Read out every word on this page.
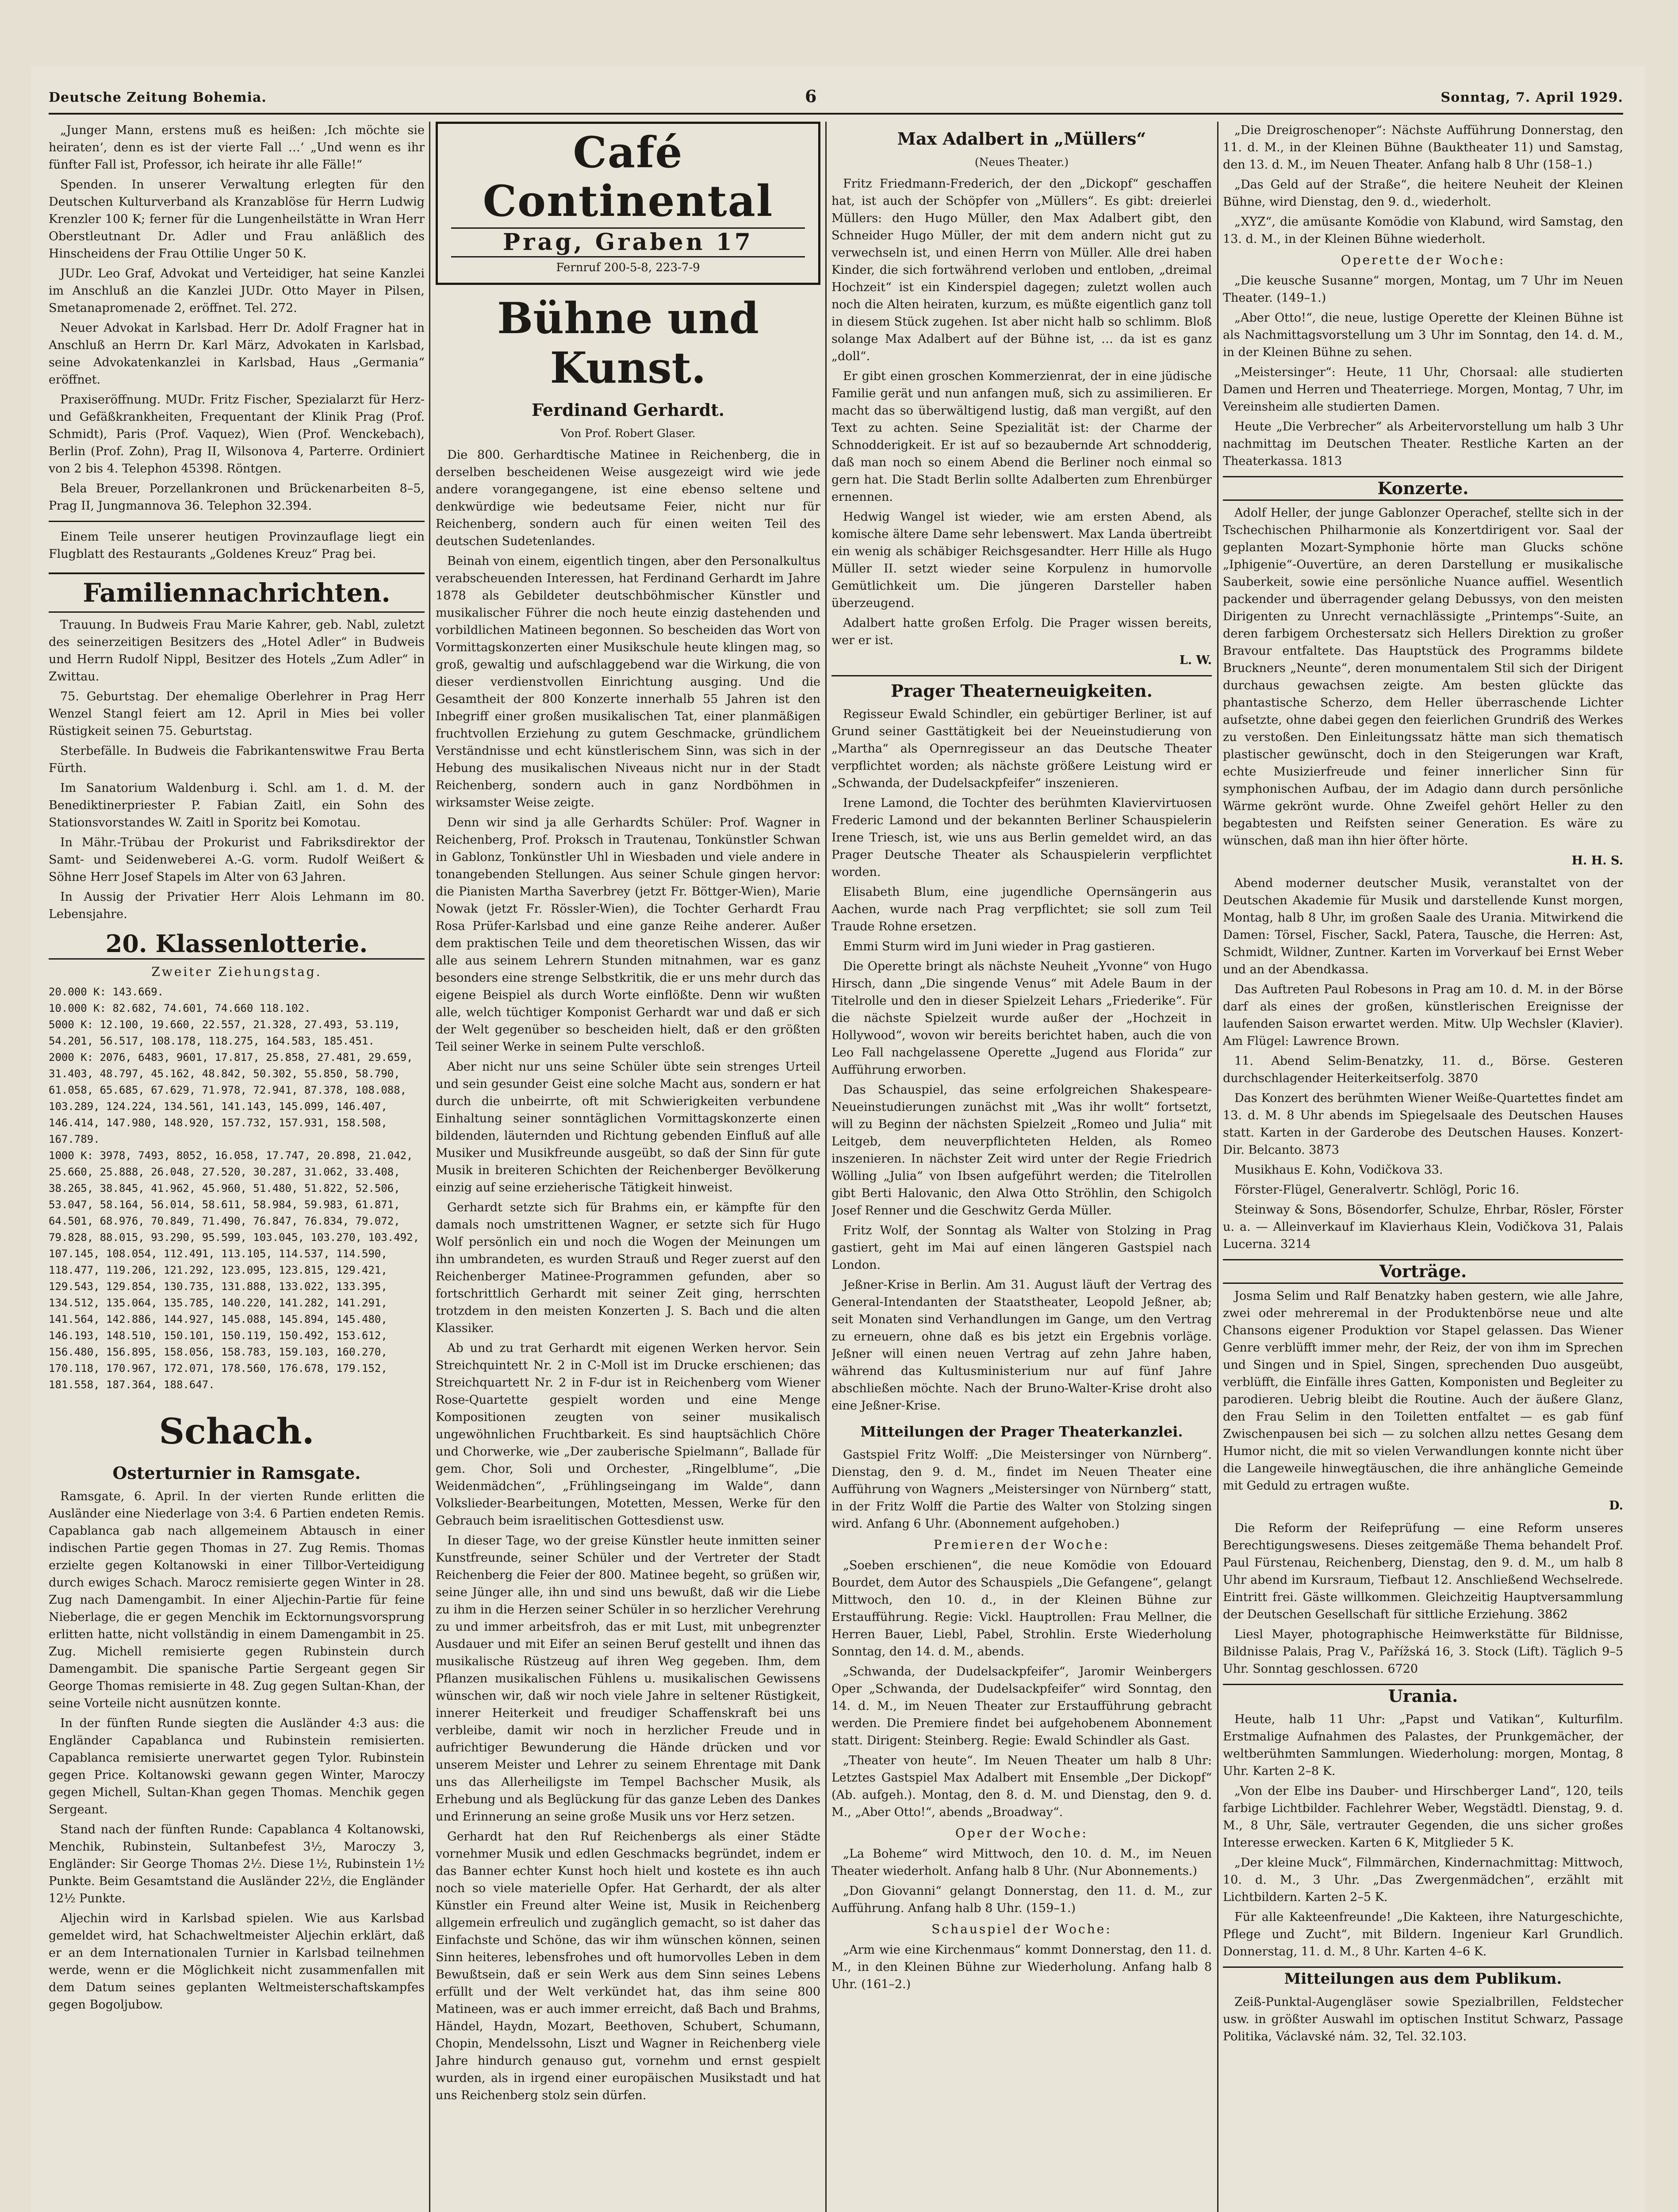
Deutsche Zeitung Bohemia.	6	Sonntag, 7. April 1929.

„Junger Mann, erstens muß es heißen: ‚Ich möchte sie heiraten‘, denn es ist der vierte Fall …‘ „Und wenn es ihr fünfter Fall ist, Professor, ich heirate ihr alle Fälle!“

Spenden. In unserer Verwaltung erlegten für den Deutschen Kulturverband als Kranzablöse für Herrn Ludwig Krenzler 100 K; ferner für die Lungenheilstätte in Wran Herr Oberstleutnant Dr. Adler und Frau anläßlich des Hinscheidens der Frau Ottilie Unger 50 K.

JUDr. Leo Graf, Advokat und Verteidiger, hat seine Kanzlei im Anschluß an die Kanzlei JUDr. Otto Mayer in Pilsen, Smetanapromenade 2, eröffnet. Tel. 272.

Neuer Advokat in Karlsbad. Herr Dr. Adolf Fragner hat in Anschluß an Herrn Dr. Karl März, Advokaten in Karlsbad, seine Advokatenkanzlei in Karlsbad, Haus „Germania“ eröffnet.

Praxiseröffnung. MUDr. Fritz Fischer, Spezialarzt für Herz- und Gefäßkrankheiten, Frequentant der Klinik Prag (Prof. Schmidt), Paris (Prof. Vaquez), Wien (Prof. Wenckebach), Berlin (Prof. Zohn), Prag II, Wilsonova 4, Parterre. Ordiniert von 2 bis 4. Telephon 45398. Röntgen.

Bela Breuer, Porzellankronen und Brückenarbeiten 8–5, Prag II, Jungmannova 36. Telephon 32.394.

Einem Teile unserer heutigen Provinzauflage liegt ein Flugblatt des Restaurants „Goldenes Kreuz“ Prag bei.

Familiennachrichten.

Trauung. In Budweis Frau Marie Kahrer, geb. Nabl, zuletzt des seinerzeitigen Besitzers des „Hotel Adler“ in Budweis und Herrn Rudolf Nippl, Besitzer des Hotels „Zum Adler“ in Zwittau.

75. Geburtstag. Der ehemalige Oberlehrer in Prag Herr Wenzel Stangl feiert am 12. April in Mies bei voller Rüstigkeit seinen 75. Geburtstag.

Sterbefälle. In Budweis die Fabrikantenswitwe Frau Berta Fürth.

Im Sanatorium Waldenburg i. Schl. am 1. d. M. der Benediktinerpriester P. Fabian Zaitl, ein Sohn des Stationsvorstandes W. Zaitl in Sporitz bei Komotau.

In Mähr.-Trübau der Prokurist und Fabriksdirektor der Samt- und Seidenweberei A.-G. vorm. Rudolf Weißert & Söhne Herr Josef Stapels im Alter von 63 Jahren.

In Aussig der Privatier Herr Alois Lehmann im 80. Lebensjahre.

20. Klassenlotterie.
Zweiter Ziehungstag.
20.000 K: 143.669.
10.000 K: 82.682, 74.601, 74.660 118.102.
5000 K: 12.100, 19.660, 22.557, 21.328, 27.493, 53.119, 54.201, 56.517, 108.178, 118.275, 164.583, 185.451.
2000 K: 2076, 6483, 9601, 17.817, 25.858, 27.481, 29.659, 31.403, 48.797, 45.162, 48.842, 50.302, 55.850, 58.790, 61.058, 65.685, 67.629, 71.978, 72.941, 87.378, 108.088, 103.289, 124.224, 134.561, 141.143, 145.099, 146.407, 146.414, 147.980, 148.920, 157.732, 157.931, 158.508, 167.789.
1000 K: 3978, 7493, 8052, 16.058, 17.747, 20.898, 21.042, 25.660, 25.888, 26.048, 27.520, 30.287, 31.062, 33.408, 38.265, 38.845, 41.962, 45.960, 51.480, 51.822, 52.506, 53.047, 58.164, 56.014, 58.611, 58.984, 59.983, 61.871, 64.501, 68.976, 70.849, 71.490, 76.847, 76.834, 79.072, 79.828, 88.015, 93.290, 95.599, 103.045, 103.270, 103.492, 107.145, 108.054, 112.491, 113.105, 114.537, 114.590, 118.477, 119.206, 121.292, 123.095, 123.815, 129.421, 129.543, 129.854, 130.735, 131.888, 133.022, 133.395, 134.512, 135.064, 135.785, 140.220, 141.282, 141.291, 141.564, 142.886, 144.927, 145.088, 145.894, 145.480, 146.193, 148.510, 150.101, 150.119, 150.492, 153.612, 156.480, 156.895, 158.056, 158.783, 159.103, 160.270, 170.118, 170.967, 172.071, 178.560, 176.678, 179.152, 181.558, 187.364, 188.647.
Schach.
Osterturnier in Ramsgate.

Ramsgate, 6. April. In der vierten Runde erlitten die Ausländer eine Niederlage von 3:4. 6 Partien endeten Remis. Capablanca gab nach allgemeinem Abtausch in einer indischen Partie gegen Thomas in 27. Zug Remis. Thomas erzielte gegen Koltanowski in einer Tillbor-Verteidigung durch ewiges Schach. Marocz remisierte gegen Winter in 28. Zug nach Damengambit. In einer Aljechin-Partie für feine Nieberlage, die er gegen Menchik im Ecktornungsvorsprung erlitten hatte, nicht vollständig in einem Damengambit in 25. Zug. Michell remisierte gegen Rubinstein durch Damengambit. Die spanische Partie Sergeant gegen Sir George Thomas remisierte in 48. Zug gegen Sultan-Khan, der seine Vorteile nicht ausnützen konnte.

In der fünften Runde siegten die Ausländer 4:3 aus: die Engländer Capablanca und Rubinstein remisierten. Capablanca remisierte unerwartet gegen Tylor. Rubinstein gegen Price. Koltanowski gewann gegen Winter, Maroczy gegen Michell, Sultan-Khan gegen Thomas. Menchik gegen Sergeant.

Stand nach der fünften Runde: Capablanca 4 Koltanowski, Menchik, Rubinstein, Sultanbefest 3½, Maroczy 3, Engländer: Sir George Thomas 2½. Diese 1½, Rubinstein 1½ Punkte. Beim Gesamtstand die Ausländer 22½, die Engländer 12½ Punkte.

Aljechin wird in Karlsbad spielen. Wie aus Karlsbad gemeldet wird, hat Schachweltmeister Aljechin erklärt, daß er an dem Internationalen Turnier in Karlsbad teilnehmen werde, wenn er die Möglichkeit nicht zusammenfallen mit dem Datum seines geplanten Weltmeisterschaftskampfes gegen Bogoljubow.

Café Continental
Prag, Graben 17
Fernruf 200-5-8, 223-7-9
Bühne und Kunst.
Ferdinand Gerhardt.
Von Prof. Robert Glaser.

Die 800. Gerhardtische Matinee in Reichenberg, die in derselben bescheidenen Weise ausgezeigt wird wie jede andere vorangegangene, ist eine ebenso seltene und denkwürdige wie bedeutsame Feier, nicht nur für Reichenberg, sondern auch für einen weiten Teil des deutschen Sudetenlandes.

Beinah von einem, eigentlich tingen, aber den Personalkultus verabscheuenden Interessen, hat Ferdinand Gerhardt im Jahre 1878 als Gebildeter deutschböhmischer Künstler und musikalischer Führer die noch heute einzig dastehenden und vorbildlichen Matineen begonnen. So bescheiden das Wort von Vormittagskonzerten einer Musikschule heute klingen mag, so groß, gewaltig und aufschlaggebend war die Wirkung, die von dieser verdienstvollen Einrichtung ausging. Und die Gesamtheit der 800 Konzerte innerhalb 55 Jahren ist den Inbegriff einer großen musikalischen Tat, einer planmäßigen fruchtvollen Erziehung zu gutem Geschmacke, gründlichem Verständnisse und echt künstlerischem Sinn, was sich in der Hebung des musikalischen Niveaus nicht nur in der Stadt Reichenberg, sondern auch in ganz Nordböhmen in wirksamster Weise zeigte.

Denn wir sind ja alle Gerhardts Schüler: Prof. Wagner in Reichenberg, Prof. Proksch in Trautenau, Tonkünstler Schwan in Gablonz, Tonkünstler Uhl in Wiesbaden und viele andere in tonangebenden Stellungen. Aus seiner Schule gingen hervor: die Pianisten Martha Saverbrey (jetzt Fr. Böttger-Wien), Marie Nowak (jetzt Fr. Rössler-Wien), die Tochter Gerhardt Frau Rosa Prüfer-Karlsbad und eine ganze Reihe anderer. Außer dem praktischen Teile und dem theoretischen Wissen, das wir alle aus seinem Lehrern Stunden mitnahmen, war es ganz besonders eine strenge Selbstkritik, die er uns mehr durch das eigene Beispiel als durch Worte einflößte. Denn wir wußten alle, welch tüchtiger Komponist Gerhardt war und daß er sich der Welt gegenüber so bescheiden hielt, daß er den größten Teil seiner Werke in seinem Pulte verschloß.

Aber nicht nur uns seine Schüler übte sein strenges Urteil und sein gesunder Geist eine solche Macht aus, sondern er hat durch die unbeirrte, oft mit Schwierigkeiten verbundene Einhaltung seiner sonntäglichen Vormittagskonzerte einen bildenden, läuternden und Richtung gebenden Einfluß auf alle Musiker und Musikfreunde ausgeübt, so daß der Sinn für gute Musik in breiteren Schichten der Reichenberger Bevölkerung einzig auf seine erzieherische Tätigkeit hinweist.

Gerhardt setzte sich für Brahms ein, er kämpfte für den damals noch umstrittenen Wagner, er setzte sich für Hugo Wolf persönlich ein und noch die Wogen der Meinungen um ihn umbrandeten, es wurden Strauß und Reger zuerst auf den Reichenberger Matinee-Programmen gefunden, aber so fortschrittlich Gerhardt mit seiner Zeit ging, herrschten trotzdem in den meisten Konzerten J. S. Bach und die alten Klassiker.

Ab und zu trat Gerhardt mit eigenen Werken hervor. Sein Streichquintett Nr. 2 in C-Moll ist im Drucke erschienen; das Streichquartett Nr. 2 in F-dur ist in Reichenberg vom Wiener Rose-Quartette gespielt worden und eine Menge Kompositionen zeugten von seiner musikalisch ungewöhnlichen Fruchtbarkeit. Es sind hauptsächlich Chöre und Chorwerke, wie „Der zauberische Spielmann“, Ballade für gem. Chor, Soli und Orchester, „Ringelblume“, „Die Weidenmädchen“, „Frühlingseingang im Walde“, dann Volkslieder-Bearbeitungen, Motetten, Messen, Werke für den Gebrauch beim israelitischen Gottesdienst usw.

In dieser Tage, wo der greise Künstler heute inmitten seiner Kunstfreunde, seiner Schüler und der Vertreter der Stadt Reichenberg die Feier der 800. Matinee begeht, so grüßen wir, seine Jünger alle, ihn und sind uns bewußt, daß wir die Liebe zu ihm in die Herzen seiner Schüler in so herzlicher Verehrung zu und immer arbeitsfroh, das er mit Lust, mit unbegrenzter Ausdauer und mit Eifer an seinen Beruf gestellt und ihnen das musikalische Rüstzeug auf ihren Weg gegeben. Ihm, dem Pflanzen musikalischen Fühlens u. musikalischen Gewissens wünschen wir, daß wir noch viele Jahre in seltener Rüstigkeit, innerer Heiterkeit und freudiger Schaffenskraft bei uns verbleibe, damit wir noch in herzlicher Freude und in aufrichtiger Bewunderung die Hände drücken und vor unserem Meister und Lehrer zu seinem Ehrentage mit Dank uns das Allerheiligste im Tempel Bachscher Musik, als Erhebung und als Beglückung für das ganze Leben des Dankes und Erinnerung an seine große Musik uns vor Herz setzen.

Gerhardt hat den Ruf Reichenbergs als einer Städte vornehmer Musik und edlen Geschmacks begründet, indem er das Banner echter Kunst hoch hielt und kostete es ihn auch noch so viele materielle Opfer. Hat Gerhardt, der als alter Künstler ein Freund alter Weine ist, Musik in Reichenberg allgemein erfreulich und zugänglich gemacht, so ist daher das Einfachste und Schöne, das wir ihm wünschen können, seinen Sinn heiteres, lebensfrohes und oft humorvolles Leben in dem Bewußtsein, daß er sein Werk aus dem Sinn seines Lebens erfüllt und der Welt verkündet hat, das ihm seine 800 Matineen, was er auch immer erreicht, daß Bach und Brahms, Händel, Haydn, Mozart, Beethoven, Schubert, Schumann, Chopin, Mendelssohn, Liszt und Wagner in Reichenberg viele Jahre hindurch genauso gut, vornehm und ernst gespielt wurden, als in irgend einer europäischen Musikstadt und hat uns Reichenberg stolz sein dürfen.

Max Adalbert in „Müllers“
(Neues Theater.)

Fritz Friedmann-Frederich, der den „Dickopf“ geschaffen hat, ist auch der Schöpfer von „Müllers“. Es gibt: dreierlei Müllers: den Hugo Müller, den Max Adalbert gibt, den Schneider Hugo Müller, der mit dem andern nicht gut zu verwechseln ist, und einen Herrn von Müller. Alle drei haben Kinder, die sich fortwährend verloben und entloben, „dreimal Hochzeit“ ist ein Kinderspiel dagegen; zuletzt wollen auch noch die Alten heiraten, kurzum, es müßte eigentlich ganz toll in diesem Stück zugehen. Ist aber nicht halb so schlimm. Bloß solange Max Adalbert auf der Bühne ist, … da ist es ganz „doll“.

Er gibt einen groschen Kommerzienrat, der in eine jüdische Familie gerät und nun anfangen muß, sich zu assimilieren. Er macht das so überwältigend lustig, daß man vergißt, auf den Text zu achten. Seine Spezialität ist: der Charme der Schnodderigkeit. Er ist auf so bezaubernde Art schnodderig, daß man noch so einem Abend die Berliner noch einmal so gern hat. Die Stadt Berlin sollte Adalberten zum Ehrenbürger ernennen.

Hedwig Wangel ist wieder, wie am ersten Abend, als komische ältere Dame sehr lebenswert. Max Landa übertreibt ein wenig als schäbiger Reichsgesandter. Herr Hille als Hugo Müller II. setzt wieder seine Korpulenz in humorvolle Gemütlichkeit um. Die jüngeren Darsteller haben überzeugend.

Adalbert hatte großen Erfolg. Die Prager wissen bereits, wer er ist.

L. W.
Prager Theaterneuigkeiten.

Regisseur Ewald Schindler, ein gebürtiger Berliner, ist auf Grund seiner Gasttätigkeit bei der Neueinstudierung von „Martha“ als Opernregisseur an das Deutsche Theater verpflichtet worden; als nächste größere Leistung wird er „Schwanda, der Dudelsackpfeifer“ inszenieren.

Irene Lamond, die Tochter des berühmten Klaviervirtuosen Frederic Lamond und der bekannten Berliner Schauspielerin Irene Triesch, ist, wie uns aus Berlin gemeldet wird, an das Prager Deutsche Theater als Schauspielerin verpflichtet worden.

Elisabeth Blum, eine jugendliche Opernsängerin aus Aachen, wurde nach Prag verpflichtet; sie soll zum Teil Traude Rohne ersetzen.

Emmi Sturm wird im Juni wieder in Prag gastieren.

Die Operette bringt als nächste Neuheit „Yvonne“ von Hugo Hirsch, dann „Die singende Venus“ mit Adele Baum in der Titelrolle und den in dieser Spielzeit Lehars „Friederike“. Für die nächste Spielzeit wurde außer der „Hochzeit in Hollywood“, wovon wir bereits berichtet haben, auch die von Leo Fall nachgelassene Operette „Jugend aus Florida“ zur Aufführung erworben.

Das Schauspiel, das seine erfolgreichen Shakespeare-Neueinstudierungen zunächst mit „Was ihr wollt“ fortsetzt, will zu Beginn der nächsten Spielzeit „Romeo und Julia“ mit Leitgeb, dem neuverpflichteten Helden, als Romeo inszenieren. In nächster Zeit wird unter der Regie Friedrich Wölling „Julia“ von Ibsen aufgeführt werden; die Titelrollen gibt Berti Halovanic, den Alwa Otto Ströhlin, den Schigolch Josef Renner und die Geschwitz Gerda Müller.

Fritz Wolf, der Sonntag als Walter von Stolzing in Prag gastiert, geht im Mai auf einen längeren Gastspiel nach London.

Jeßner-Krise in Berlin. Am 31. August läuft der Vertrag des General-Intendanten der Staatstheater, Leopold Jeßner, ab; seit Monaten sind Verhandlungen im Gange, um den Vertrag zu erneuern, ohne daß es bis jetzt ein Ergebnis vorläge. Jeßner will einen neuen Vertrag auf zehn Jahre haben, während das Kultusministerium nur auf fünf Jahre abschließen möchte. Nach der Bruno-Walter-Krise droht also eine Jeßner-Krise.

Mitteilungen der Prager Theaterkanzlei.

Gastspiel Fritz Wolff: „Die Meistersinger von Nürnberg“. Dienstag, den 9. d. M., findet im Neuen Theater eine Aufführung von Wagners „Meistersinger von Nürnberg“ statt, in der Fritz Wolff die Partie des Walter von Stolzing singen wird. Anfang 6 Uhr. (Abonnement aufgehoben.)

Premieren der Woche:

„Soeben erschienen“, die neue Komödie von Edouard Bourdet, dem Autor des Schauspiels „Die Gefangene“, gelangt Mittwoch, den 10. d., in der Kleinen Bühne zur Erstaufführung. Regie: Vickl. Hauptrollen: Frau Mellner, die Herren Bauer, Liebl, Pabel, Strohlin. Erste Wiederholung Sonntag, den 14. d. M., abends.

„Schwanda, der Dudelsackpfeifer“, Jaromir Weinbergers Oper „Schwanda, der Dudelsackpfeifer“ wird Sonntag, den 14. d. M., im Neuen Theater zur Erstaufführung gebracht werden. Die Premiere findet bei aufgehobenem Abonnement statt. Dirigent: Steinberg. Regie: Ewald Schindler als Gast.

„Theater von heute“. Im Neuen Theater um halb 8 Uhr: Letztes Gastspiel Max Adalbert mit Ensemble „Der Dickopf“ (Ab. aufgeh.). Montag, den 8. d. M. und Dienstag, den 9. d. M., „Aber Otto!“, abends „Broadway“.

Oper der Woche:

„La Boheme“ wird Mittwoch, den 10. d. M., im Neuen Theater wiederholt. Anfang halb 8 Uhr. (Nur Abonnements.)

„Don Giovanni“ gelangt Donnerstag, den 11. d. M., zur Aufführung. Anfang halb 8 Uhr. (159–1.)

Schauspiel der Woche:

„Arm wie eine Kirchenmaus“ kommt Donnerstag, den 11. d. M., in den Kleinen Bühne zur Wiederholung. Anfang halb 8 Uhr. (161–2.)

„Die Dreigroschenoper“: Nächste Aufführung Donnerstag, den 11. d. M., in der Kleinen Bühne (Bauktheater 11) und Samstag, den 13. d. M., im Neuen Theater. Anfang halb 8 Uhr (158–1.)

„Das Geld auf der Straße“, die heitere Neuheit der Kleinen Bühne, wird Dienstag, den 9. d., wiederholt.

„XYZ“, die amüsante Komödie von Klabund, wird Samstag, den 13. d. M., in der Kleinen Bühne wiederholt.

Operette der Woche:

„Die keusche Susanne“ morgen, Montag, um 7 Uhr im Neuen Theater. (149–1.)

„Aber Otto!“, die neue, lustige Operette der Kleinen Bühne ist als Nachmittagsvorstellung um 3 Uhr im Sonntag, den 14. d. M., in der Kleinen Bühne zu sehen.

„Meistersinger“: Heute, 11 Uhr, Chorsaal: alle studierten Damen und Herren und Theaterriege. Morgen, Montag, 7 Uhr, im Vereinsheim alle studierten Damen.

Heute „Die Verbrecher“ als Arbeitervorstellung um halb 3 Uhr nachmittag im Deutschen Theater. Restliche Karten an der Theaterkassa. 1813

Konzerte.

Adolf Heller, der junge Gablonzer Operachef, stellte sich in der Tschechischen Philharmonie als Konzertdirigent vor. Saal der geplanten Mozart-Symphonie hörte man Glucks schöne „Iphigenie“-Ouvertüre, an deren Darstellung er musikalische Sauberkeit, sowie eine persönliche Nuance auffiel. Wesentlich packender und überragender gelang Debussys, von den meisten Dirigenten zu Unrecht vernachlässigte „Printemps“-Suite, an deren farbigem Orchestersatz sich Hellers Direktion zu großer Bravour entfaltete. Das Hauptstück des Programms bildete Bruckners „Neunte“, deren monumentalem Stil sich der Dirigent durchaus gewachsen zeigte. Am besten glückte das phantastische Scherzo, dem Heller überraschende Lichter aufsetzte, ohne dabei gegen den feierlichen Grundriß des Werkes zu verstoßen. Den Einleitungssatz hätte man sich thematisch plastischer gewünscht, doch in den Steigerungen war Kraft, echte Musizierfreude und feiner innerlicher Sinn für symphonischen Aufbau, der im Adagio dann durch persönliche Wärme gekrönt wurde. Ohne Zweifel gehört Heller zu den begabtesten und Reifsten seiner Generation. Es wäre zu wünschen, daß man ihn hier öfter hörte.

H. H. S.

Abend moderner deutscher Musik, veranstaltet von der Deutschen Akademie für Musik und darstellende Kunst morgen, Montag, halb 8 Uhr, im großen Saale des Urania. Mitwirkend die Damen: Törsel, Fischer, Sackl, Patera, Tausche, die Herren: Ast, Schmidt, Wildner, Zuntner. Karten im Vorverkauf bei Ernst Weber und an der Abendkassa.

Das Auftreten Paul Robesons in Prag am 10. d. M. in der Börse darf als eines der großen, künstlerischen Ereignisse der laufenden Saison erwartet werden. Mitw. Ulp Wechsler (Klavier). Am Flügel: Lawrence Brown.

11. Abend Selim-Benatzky, 11. d., Börse. Gesteren durchschlagender Heiterkeitserfolg. 3870

Das Konzert des berühmten Wiener Weiße-Quartettes findet am 13. d. M. 8 Uhr abends im Spiegelsaale des Deutschen Hauses statt. Karten in der Garderobe des Deutschen Hauses. Konzert-Dir. Belcanto. 3873

Musikhaus E. Kohn, Vodičkova 33.

Förster-Flügel, Generalvertr. Schlögl, Poric 16.

Steinway & Sons, Bösendorfer, Schulze, Ehrbar, Rösler, Förster u. a. — Alleinverkauf im Klavierhaus Klein, Vodičkova 31, Palais Lucerna. 3214

Vorträge.

Josma Selim und Ralf Benatzky haben gestern, wie alle Jahre, zwei oder mehreremal in der Produktenbörse neue und alte Chansons eigener Produktion vor Stapel gelassen. Das Wiener Genre verblüfft immer mehr, der Reiz, der von ihm im Sprechen und Singen und in Spiel, Singen, sprechenden Duo ausgeübt, verblüfft, die Einfälle ihres Gatten, Komponisten und Begleiter zu parodieren. Uebrig bleibt die Routine. Auch der äußere Glanz, den Frau Selim in den Toiletten entfaltet — es gab fünf Zwischenpausen bei sich — zu solchen allzu nettes Gesang dem Humor nicht, die mit so vielen Verwandlungen konnte nicht über die Langeweile hinwegtäuschen, die ihre anhängliche Gemeinde mit Geduld zu ertragen wußte.

D.

Die Reform der Reifeprüfung — eine Reform unseres Berechtigungswesens. Dieses zeitgemäße Thema behandelt Prof. Paul Fürstenau, Reichenberg, Dienstag, den 9. d. M., um halb 8 Uhr abend im Kursraum, Tiefbaut 12. Anschließend Wechselrede. Eintritt frei. Gäste willkommen. Gleichzeitig Hauptversammlung der Deutschen Gesellschaft für sittliche Erziehung. 3862

Liesl Mayer, photographische Heimwerkstätte für Bildnisse, Bildnisse Palais, Prag V., Pařížská 16, 3. Stock (Lift). Täglich 9–5 Uhr. Sonntag geschlossen. 6720

Urania.

Heute, halb 11 Uhr: „Papst und Vatikan“, Kulturfilm. Erstmalige Aufnahmen des Palastes, der Prunkgemächer, der weltberühmten Sammlungen. Wiederholung: morgen, Montag, 8 Uhr. Karten 2–8 K.

„Von der Elbe ins Dauber- und Hirschberger Land“, 120, teils farbige Lichtbilder. Fachlehrer Weber, Wegstädtl. Dienstag, 9. d. M., 8 Uhr, Säle, vertrauter Gegenden, die uns sicher großes Interesse erwecken. Karten 6 K, Mitglieder 5 K.

„Der kleine Muck“, Filmmärchen, Kindernachmittag: Mittwoch, 10. d. M., 3 Uhr. „Das Zwergenmädchen“, erzählt mit Lichtbildern. Karten 2–5 K.

Für alle Kakteenfreunde! „Die Kakteen, ihre Naturgeschichte, Pflege und Zucht“, mit Bildern. Ingenieur Karl Grundlich. Donnerstag, 11. d. M., 8 Uhr. Karten 4–6 K.

Mitteilungen aus dem Publikum.

Zeiß-Punktal-Augengläser sowie Spezialbrillen, Feldstecher usw. in größter Auswahl im optischen Institut Schwarz, Passage Politika, Václavské nám. 32, Tel. 32.103.
